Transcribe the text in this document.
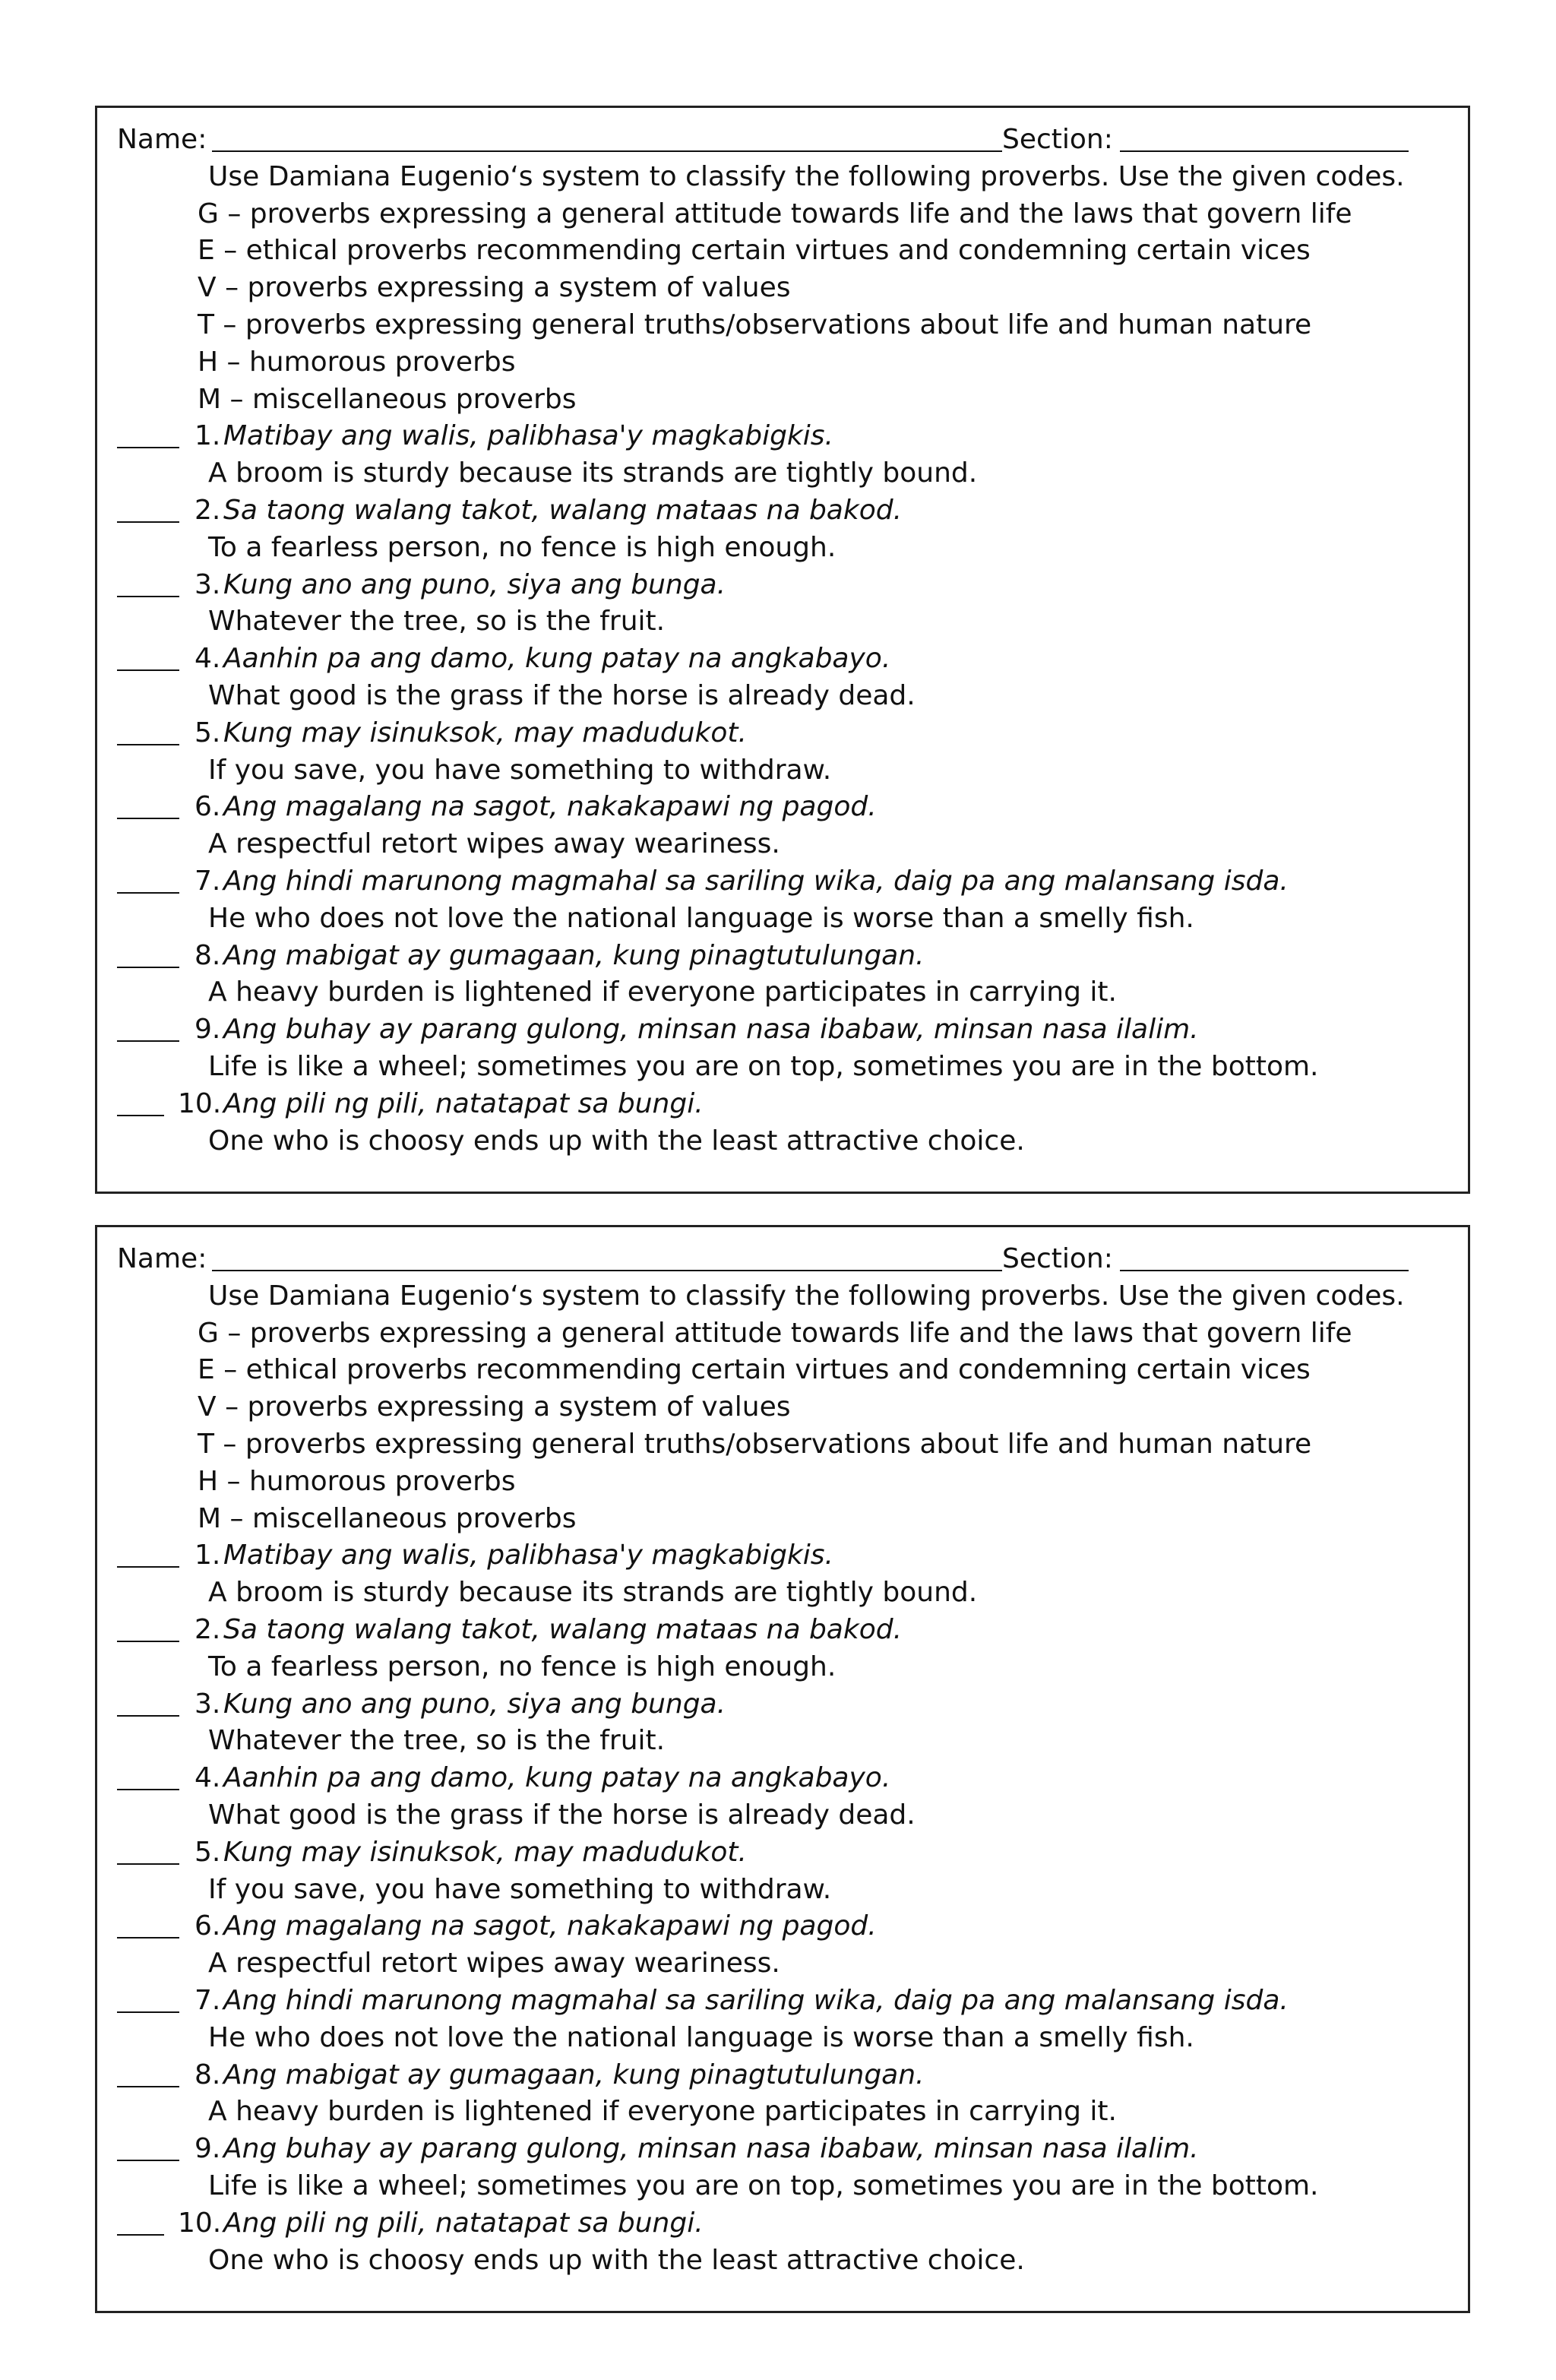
Name:	Section:
Use Damiana Eugenio‘s system to classify the following proverbs. Use the given codes.
G – proverbs expressing a general attitude towards life and the laws that govern life
E – ethical proverbs recommending certain virtues and condemning certain vices
V – proverbs expressing a system of values
T – proverbs expressing general truths/observations about life and human nature
H – humorous proverbs
M – miscellaneous proverbs
1. Matibay ang walis, palibhasa'y magkabigkis.
A broom is sturdy because its strands are tightly bound.
2. Sa taong walang takot, walang mataas na bakod.
To a fearless person, no fence is high enough.
3. Kung ano ang puno, siya ang bunga.
Whatever the tree, so is the fruit.
4. Aanhin pa ang damo, kung patay na angkabayo.
What good is the grass if the horse is already dead.
5. Kung may isinuksok, may madudukot.
If you save, you have something to withdraw.
6. Ang magalang na sagot, nakakapawi ng pagod.
A respectful retort wipes away weariness.
7. Ang hindi marunong magmahal sa sariling wika, daig pa ang malansang isda.
He who does not love the national language is worse than a smelly fish.
8. Ang mabigat ay gumagaan, kung pinagtutulungan.
A heavy burden is lightened if everyone participates in carrying it.
9. Ang buhay ay parang gulong, minsan nasa ibabaw, minsan nasa ilalim.
Life is like a wheel; sometimes you are on top, sometimes you are in the bottom.
10. Ang pili ng pili, natatapat sa bungi.
One who is choosy ends up with the least attractive choice.
Name:	Section:
Use Damiana Eugenio‘s system to classify the following proverbs. Use the given codes.
G – proverbs expressing a general attitude towards life and the laws that govern life
E – ethical proverbs recommending certain virtues and condemning certain vices
V – proverbs expressing a system of values
T – proverbs expressing general truths/observations about life and human nature
H – humorous proverbs
M – miscellaneous proverbs
1. Matibay ang walis, palibhasa'y magkabigkis.
A broom is sturdy because its strands are tightly bound.
2. Sa taong walang takot, walang mataas na bakod.
To a fearless person, no fence is high enough.
3. Kung ano ang puno, siya ang bunga.
Whatever the tree, so is the fruit.
4. Aanhin pa ang damo, kung patay na angkabayo.
What good is the grass if the horse is already dead.
5. Kung may isinuksok, may madudukot.
If you save, you have something to withdraw.
6. Ang magalang na sagot, nakakapawi ng pagod.
A respectful retort wipes away weariness.
7. Ang hindi marunong magmahal sa sariling wika, daig pa ang malansang isda.
He who does not love the national language is worse than a smelly fish.
8. Ang mabigat ay gumagaan, kung pinagtutulungan.
A heavy burden is lightened if everyone participates in carrying it.
9. Ang buhay ay parang gulong, minsan nasa ibabaw, minsan nasa ilalim.
Life is like a wheel; sometimes you are on top, sometimes you are in the bottom.
10. Ang pili ng pili, natatapat sa bungi.
One who is choosy ends up with the least attractive choice.
